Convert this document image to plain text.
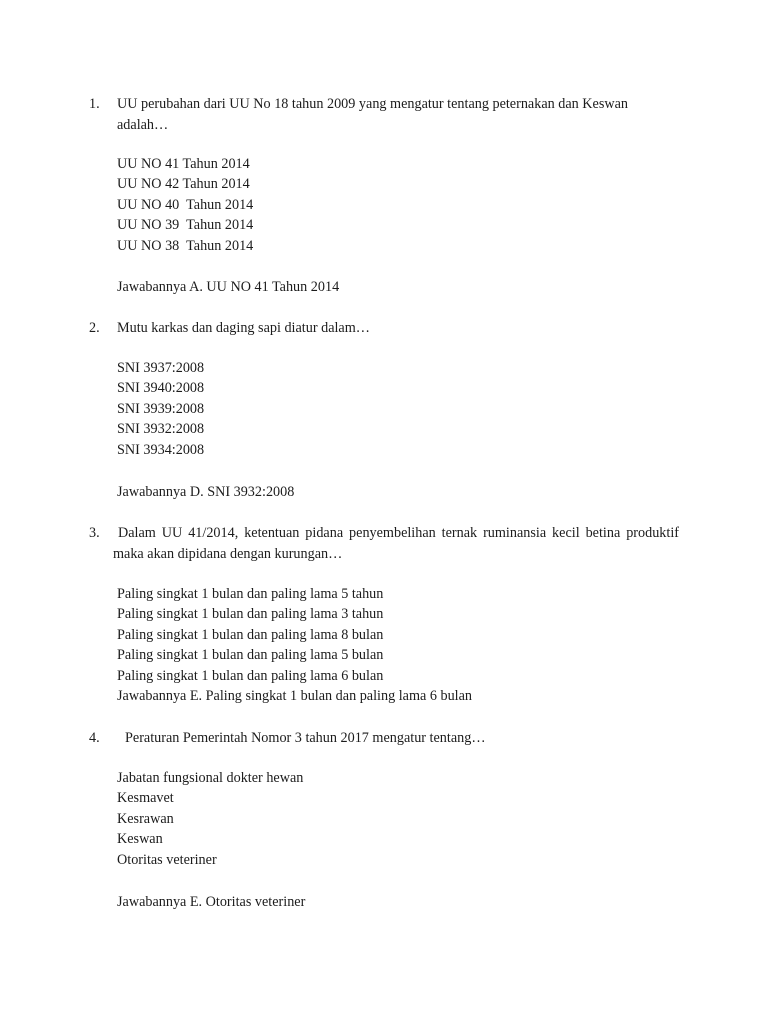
1. UU perubahan dari UU No 18 tahun 2009 yang mengatur tentang peternakan dan Keswan adalah…
UU NO 41 Tahun 2014
UU NO 42 Tahun 2014
UU NO 40  Tahun 2014
UU NO 39  Tahun 2014
UU NO 38  Tahun 2014
Jawabannya A. UU NO 41 Tahun 2014
2. Mutu karkas dan daging sapi diatur dalam…
SNI 3937:2008
SNI 3940:2008
SNI 3939:2008
SNI 3932:2008
SNI 3934:2008
Jawabannya D. SNI 3932:2008
3.	Dalam UU 41/2014, ketentuan pidana penyembelihan ternak ruminansia kecil betina produktif maka akan dipidana dengan kurungan…
Paling singkat 1 bulan dan paling lama 5 tahun
Paling singkat 1 bulan dan paling lama 3 tahun
Paling singkat 1 bulan dan paling lama 8 bulan
Paling singkat 1 bulan dan paling lama 5 bulan
Paling singkat 1 bulan dan paling lama 6 bulan
Jawabannya E. Paling singkat 1 bulan dan paling lama 6 bulan
4. Peraturan Pemerintah Nomor 3 tahun 2017 mengatur tentang…
Jabatan fungsional dokter hewan
Kesmavet
Kesrawan
Keswan
Otoritas veteriner
Jawabannya E. Otoritas veteriner
